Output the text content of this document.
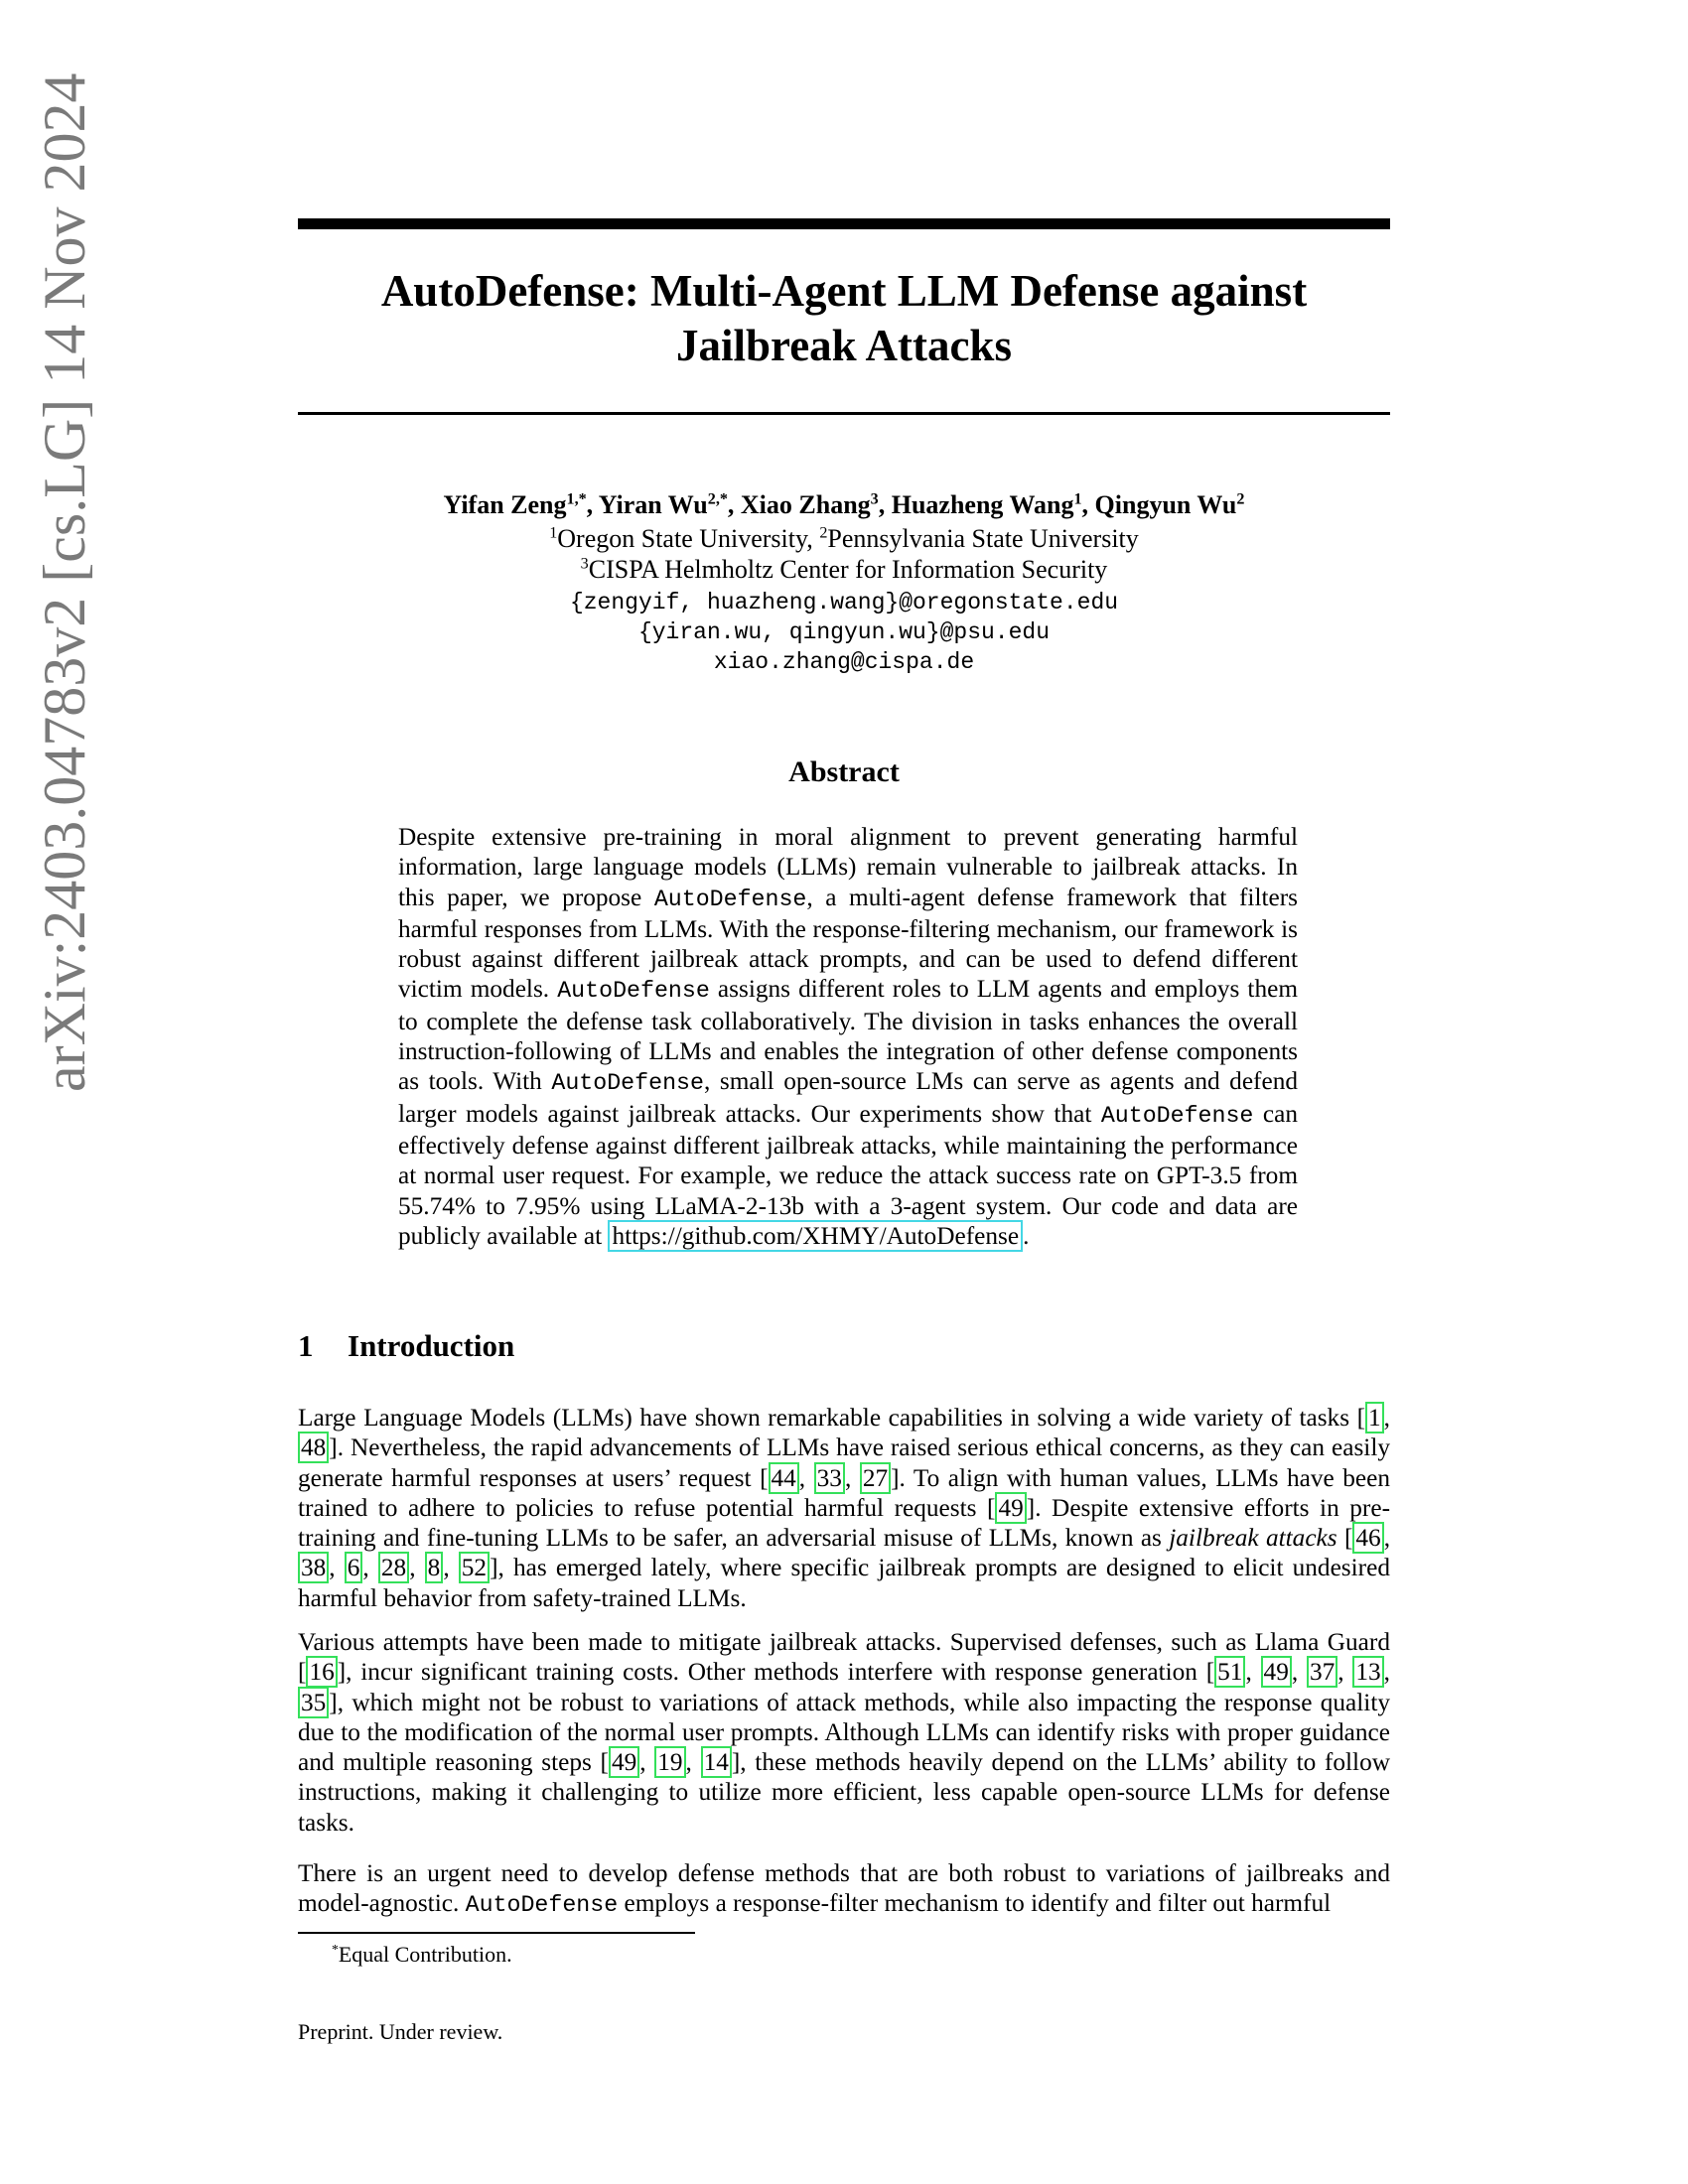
arXiv:2403.04783v2 [cs.LG] 14 Nov 2024	AutoDefense: Multi-Agent LLM Defense against
Jailbreak Attacks
Yifan Zeng$^{1,*}$, Yiran $Wu^{2,*}$, Xiao Zhang$^3$, Huazheng Wang$^1$, Qingyun Wu$^2$
$^1$Oregon State University, $^2$Pennsylvania State University
$^3$CISPA Helmholtz Center for Information Security
{zengyif, huazheng.wang}@oregonstate.edu
{yiran.wu, qingyun.wu}@psu.edu
xiao.zhang@cispa.de
Abstract
Despite extensive pre-training in moral alignment to prevent generating harmful information, large language models (LLMs) remain vulnerable to jailbreak attacks. In this paper, we propose AutoDefense, a multi-agent defense framework that filters harmful responses from LLMs. With the response-filtering mechanism, our framework is robust against different jailbreak attack prompts, and can be used to defend different victim models. AutoDefense assigns different roles to LLM agents and employs them to complete the defense task collaboratively. The division in tasks enhances the overall instruction-following of LLMs and enables the integration of other defense components as tools. With AutoDefense, small open-source LMs can serve as agents and defend larger models against jailbreak attacks. Our experiments show that AutoDefense can effectively defense against different jailbreak attacks, while maintaining the performance at normal user request. For example, we reduce the attack success rate on GPT-3.5 from 55.74% to 7.95% using LLaMA-2-13b with a 3-agent system. Our code and data are publicly available at https://github.com/XHMY/AutoDefense .
1 Introduction
Large Language Models (LLMs) have shown remarkable capabilities in solving a wide variety of tasks [ 1 , 48 ]. Nevertheless, the rapid advancements of LLMs have raised serious ethical concerns, as they can easily generate harmful responses at users’ request [ 44 , 33 , 27 ]. To align with human values, LLMs have been trained to adhere to policies to refuse potential harmful requests [ 49 ]. Despite extensive efforts in pre-training and fine-tuning LLMs to be safer, an adversarial misuse of LLMs, known as jailbreak attacks [ 46 , 38 , 6 , 28 , 8 , 52 ], has emerged lately, where specific jailbreak prompts are designed to elicit undesired harmful behavior from safety-trained LLMs.
Various attempts have been made to mitigate jailbreak attacks. Supervised defenses, such as Llama Guard [ 16 ], incur significant training costs. Other methods interfere with response generation [ 51 , 49 , 37 , 13 , 35 ], which might not be robust to variations of attack methods, while also impacting the response quality due to the modification of the normal user prompts. Although LLMs can identify risks with proper guidance and multiple reasoning steps [ 49 , 19 , 14 ], these methods heavily depend on the LLMs’ ability to follow instructions, making it challenging to utilize more efficient, less capable open-source LLMs for defense tasks.
There is an urgent need to develop defense methods that are both robust to variations of jailbreaks and model-agnostic. AutoDefense employs a response-filter mechanism to identify and filter out harmful
*Equal Contribution.
Preprint. Under review.
